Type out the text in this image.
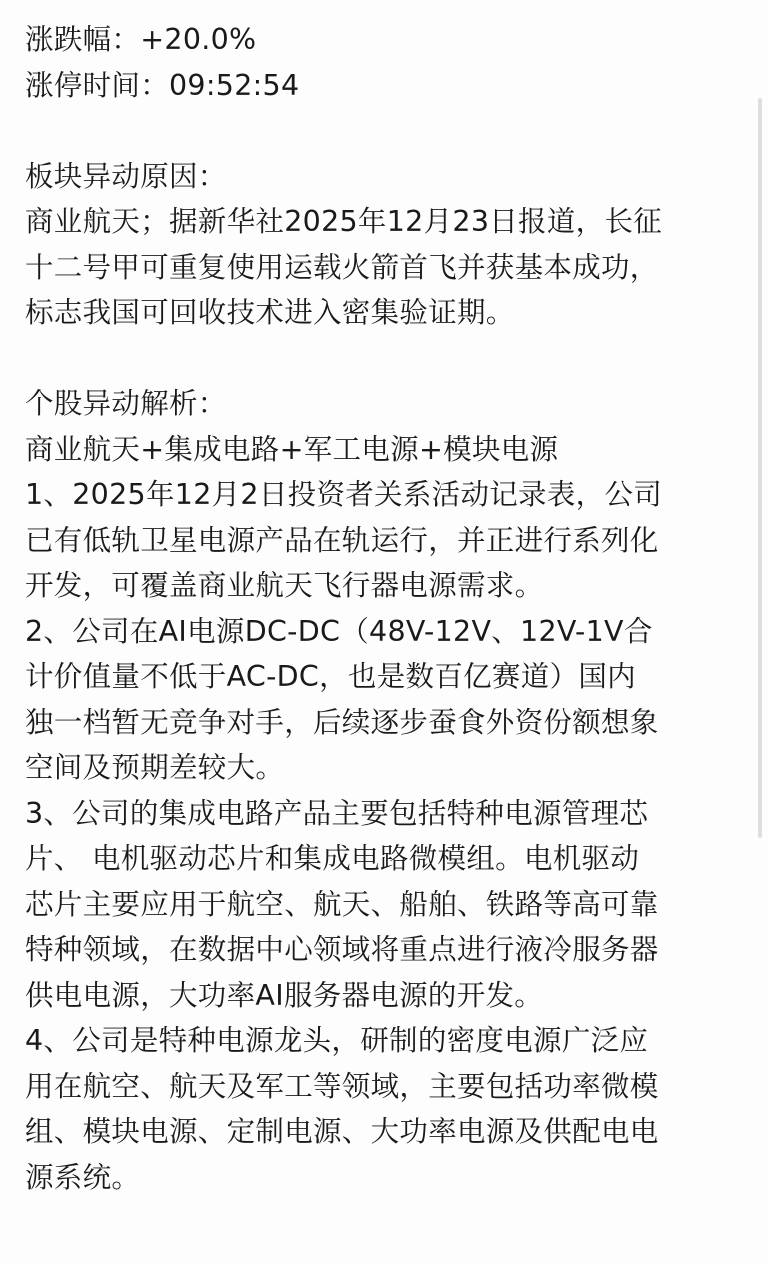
涨跌幅：+20.0%
涨停时间：09:52:54
板块异动原因：
商业航天；据新华社2025年12月23日报道，长征
十二号甲可重复使用运载火箭首飞并获基本成功，
标志我国可回收技术进入密集验证期。
个股异动解析：
商业航天+集成电路+军工电源+模块电源
1、2025年12月2日投资者关系活动记录表，公司
已有低轨卫星电源产品在轨运行，并正进行系列化
开发，可覆盖商业航天飞行器电源需求。
2、公司在AI电源DC-DC（48V-12V、12V-1V合
计价值量不低于AC-DC，也是数百亿赛道）国内
独一档暂无竞争对手，后续逐步蚕食外资份额想象
空间及预期差较大。
3、公司的集成电路产品主要包括特种电源管理芯
片、 电机驱动芯片和集成电路微模组。电机驱动
芯片主要应用于航空、航天、船舶、铁路等高可靠
特种领域，在数据中心领域将重点进行液冷服务器
供电电源，大功率AI服务器电源的开发。
4、公司是特种电源龙头，研制的密度电源广泛应
用在航空、航天及军工等领域，主要包括功率微模
组、模块电源、定制电源、大功率电源及供配电电
源系统。
